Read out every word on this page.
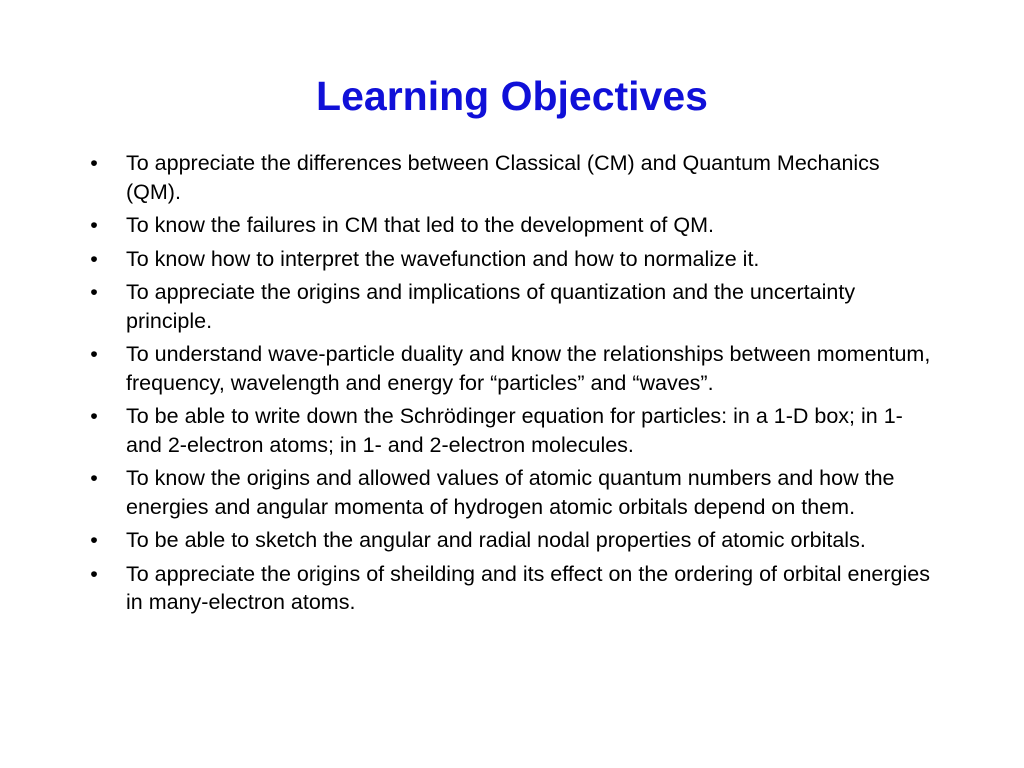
Learning Objectives
• To appreciate the differences between Classical (CM) and Quantum Mechanics (QM).
• To know the failures in CM that led to the development of QM.
• To know how to interpret the wavefunction and how to normalize it.
• To appreciate the origins and implications of quantization and the uncertainty principle.
• To understand wave-particle duality and know the relationships between momentum, frequency, wavelength and energy for “particles” and “waves”.
• To be able to write down the Schrödinger equation for particles: in a 1-D box; in 1- and 2-electron atoms; in 1- and 2-electron molecules.
• To know the origins and allowed values of atomic quantum numbers and how the energies and angular momenta of hydrogen atomic orbitals depend on them.
• To be able to sketch the angular and radial nodal properties of atomic orbitals.
• To appreciate the origins of sheilding and its effect on the ordering of orbital energies in many-electron atoms.
